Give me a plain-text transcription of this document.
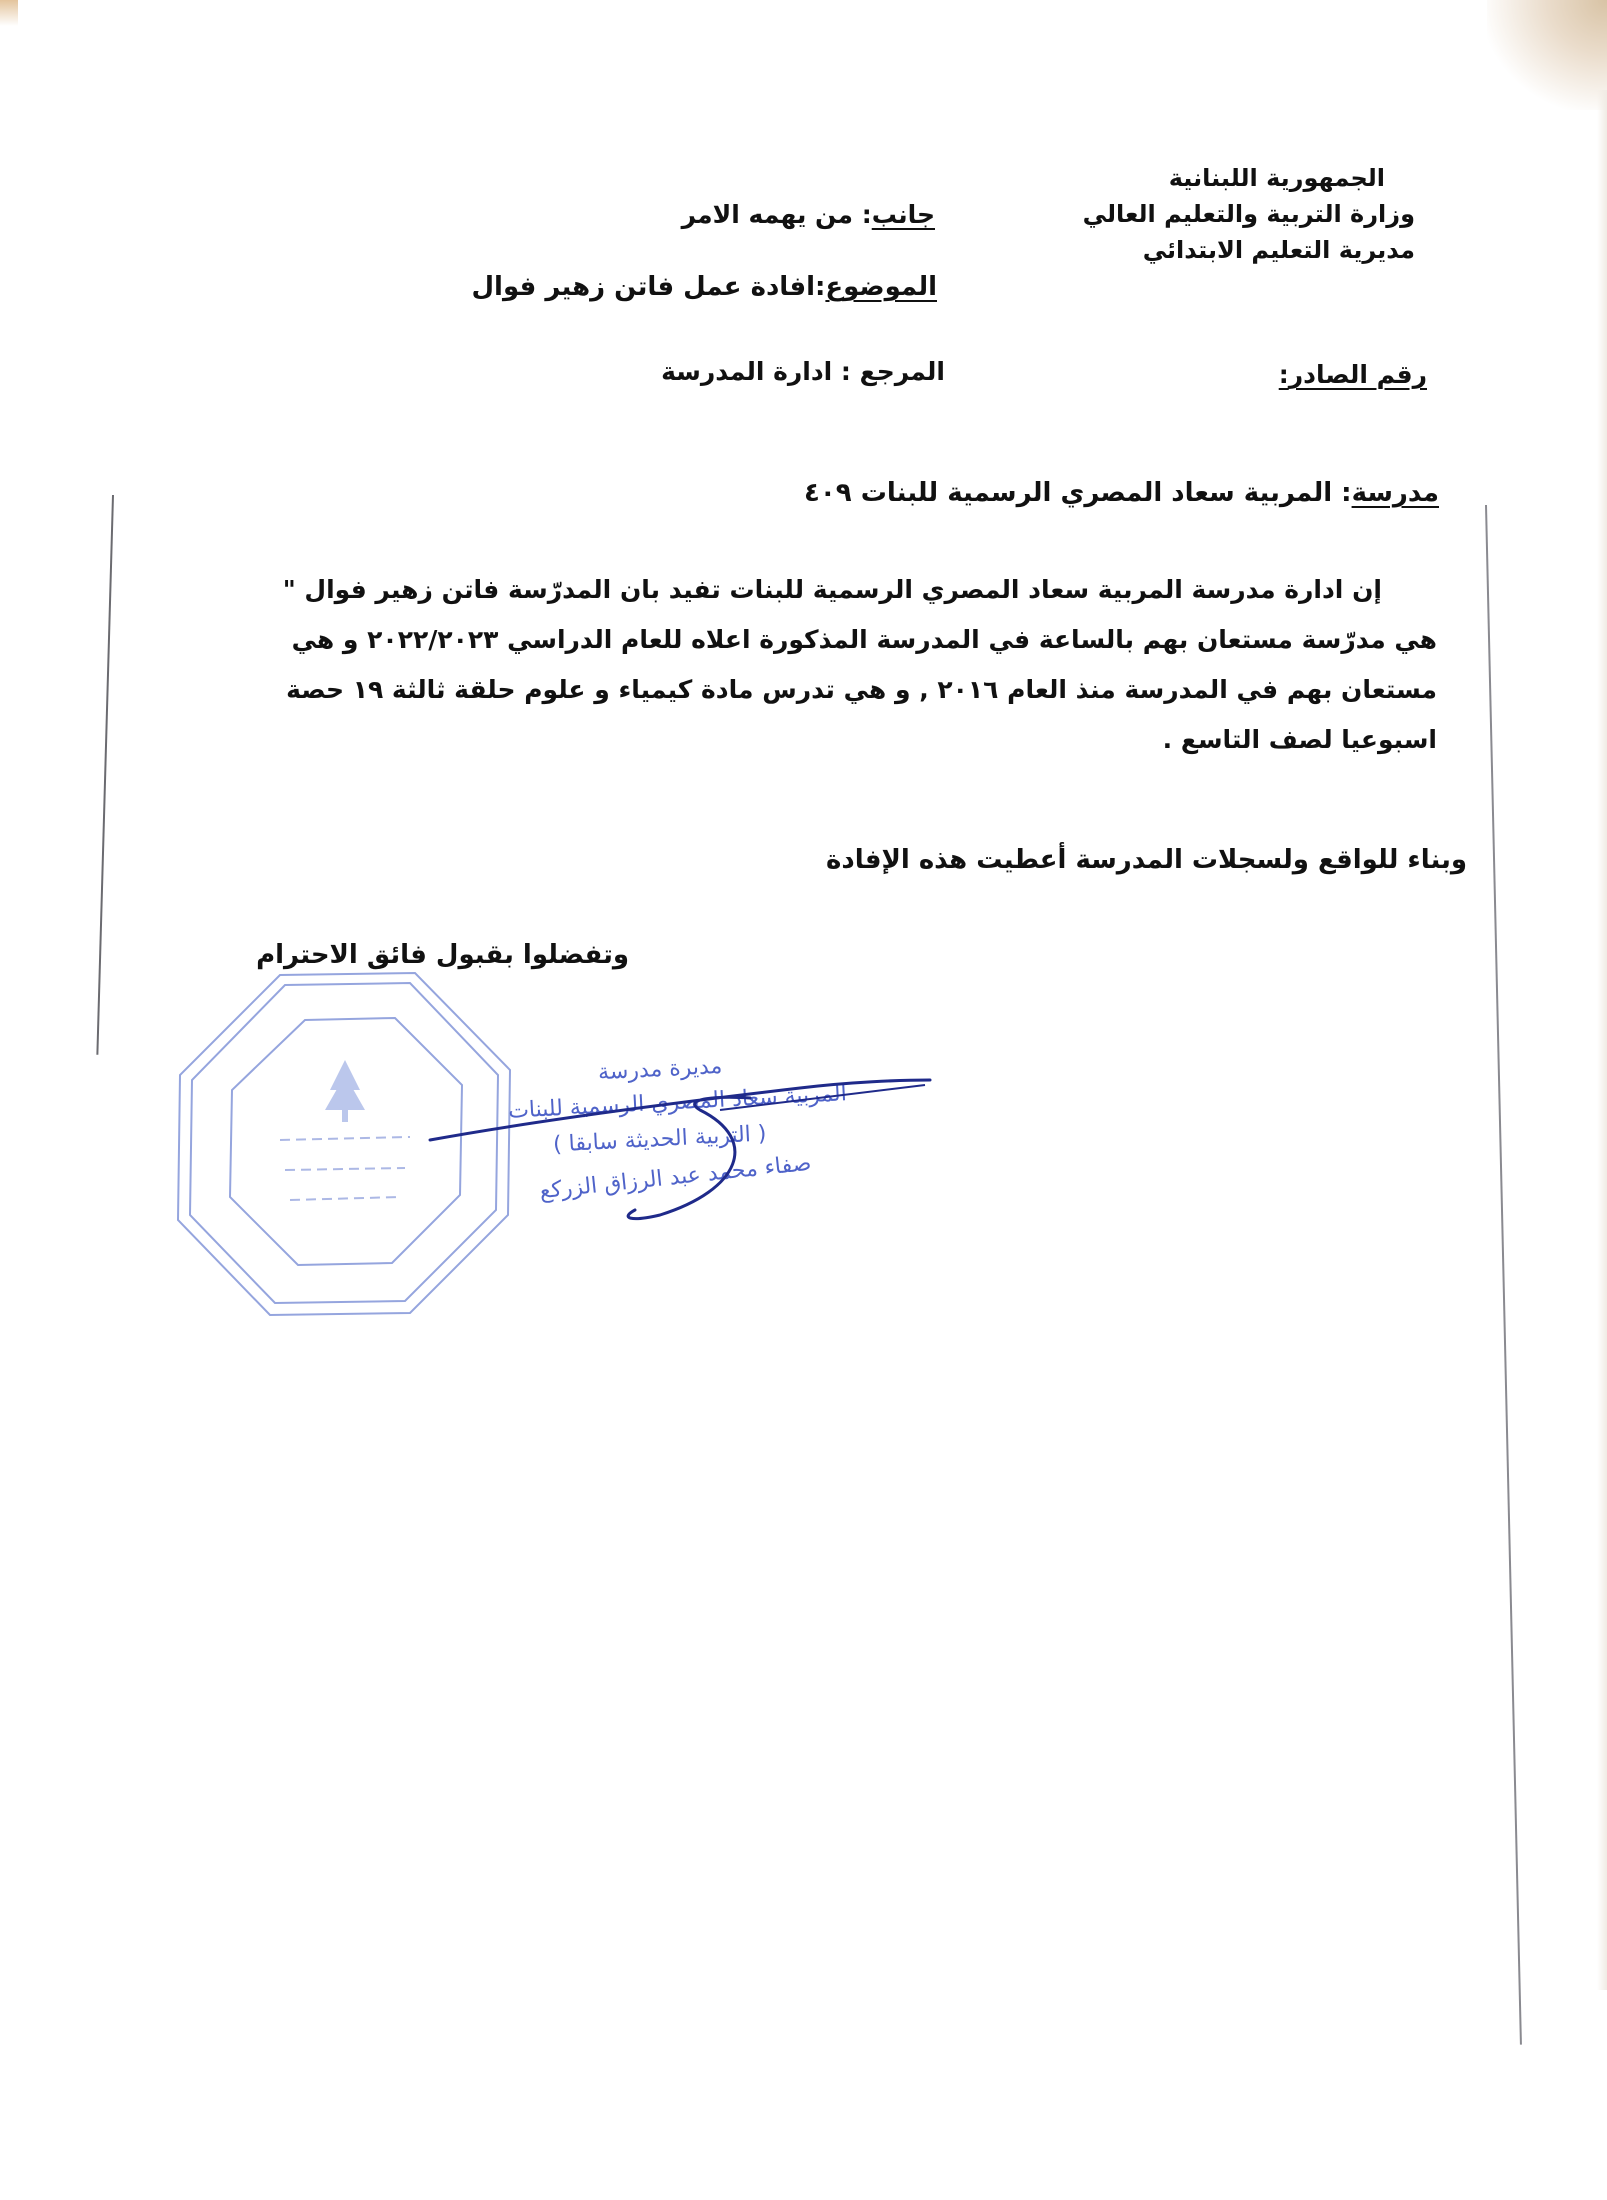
الجمهورية اللبنانية
وزارة التربية والتعليم العالي
مديرية التعليم الابتدائي
جانب: من يهمه الامر
الموضوع:افادة عمل فاتن زهير فوال
رقم الصادر:
المرجع : ادارة المدرسة
مدرسة: المربية سعاد المصري الرسمية للبنات ٤٠٩
إن ادارة مدرسة المربية سعاد المصري الرسمية للبنات تفيد بان المدرّسة فاتن زهير فوال "
هي مدرّسة مستعان بهم بالساعة في المدرسة المذكورة اعلاه للعام الدراسي ٢٠٢٢/٢٠٢٣ و هي
مستعان بهم في المدرسة منذ العام ٢٠١٦ , و هي تدرس مادة كيمياء و علوم حلقة ثالثة ١٩ حصة
اسبوعيا لصف التاسع .
وبناء للواقع ولسجلات المدرسة أعطيت هذه الإفادة
وتفضلوا بقبول فائق الاحترام
مديرة مدرسة
المربية سعاد المصري الرسمية للبنات
( التربية الحديثة سابقا )
صفاء محمد عبد الرزاق الزركع
